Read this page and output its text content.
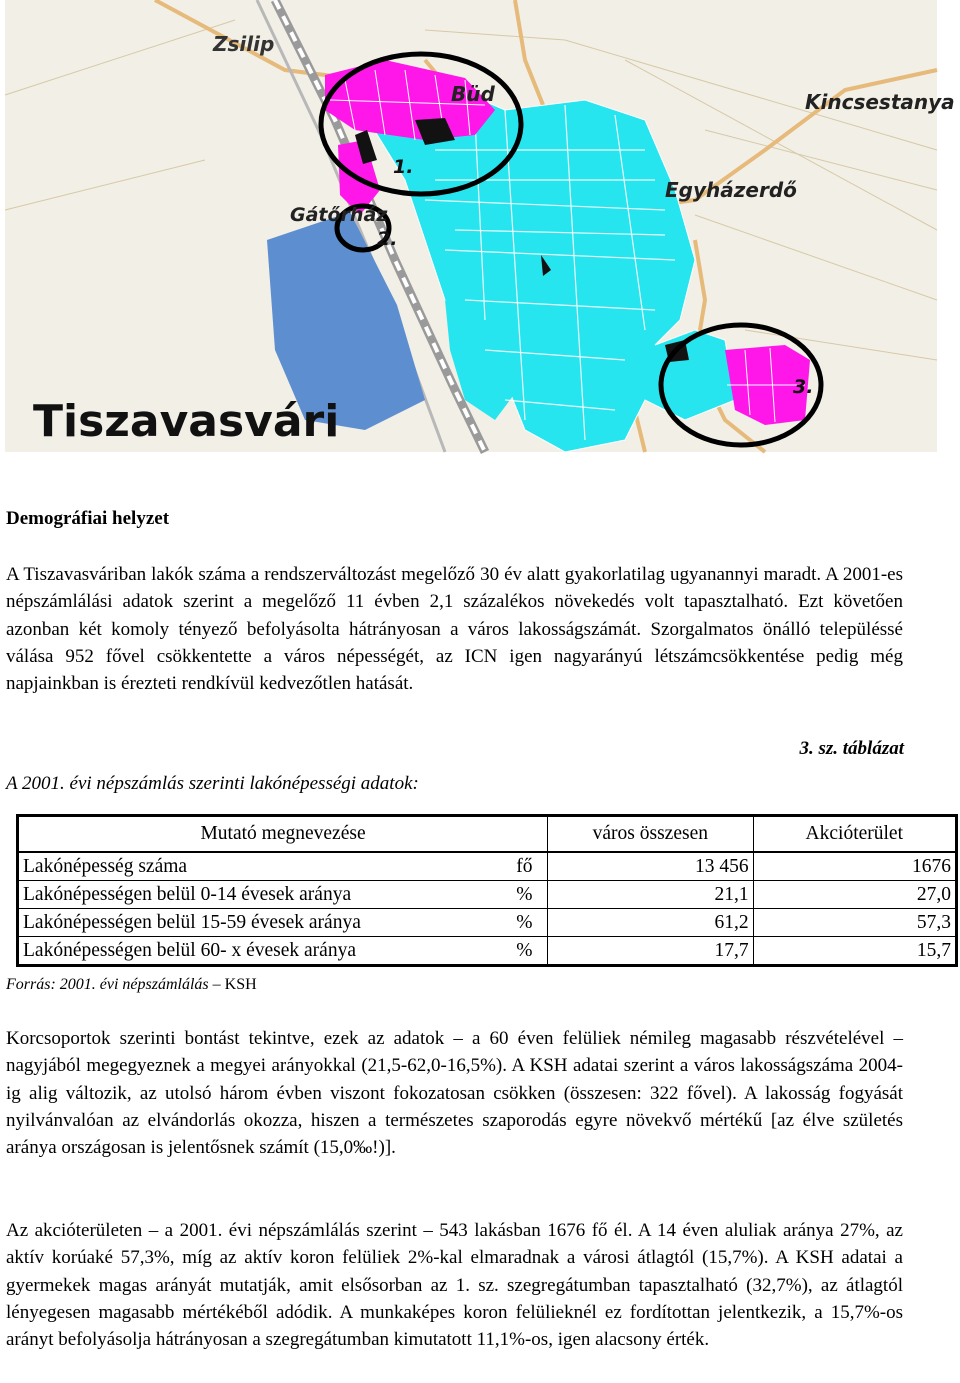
Zsilip
Büd	Kincsestanya
Egyházerdő
Gátőrház
1.
2.
3.
Tiszavasvári
Demográfiai helyzet

A Tiszavasváriban lakók száma a rendszerváltozást megelőző 30 év alatt gyakorlatilag ugyanannyi maradt. A 2001-es népszámlálási adatok szerint a megelőző 11 évben 2,1 százalékos növekedés volt tapasztalható. Ezt követően azonban két komoly tényező befolyásolta hátrányosan a város lakosságszámát. Szorgalmatos önálló településsé válása 952 fővel csökkentette a város népességét, az ICN igen nagyarányú létszámcsökkentése pedig még napjainkban is érezteti rendkívül kedvezőtlen hatását.

3. sz. táblázat
A 2001. évi népszámlás szerinti lakónépességi adatok:
Mutató megnevezése		város összesen	Akcióterület
Lakónépesség száma	fő	13 456	1676
Lakónépességen belül 0-14 évesek aránya	%	21,1	27,0
Lakónépességen belül 15-59 évesek aránya	%	61,2	57,3
Lakónépességen belül 60- x évesek aránya	%	17,7	15,7
Forrás: 2001. évi népszámlálás – KSH

Korcsoportok szerinti bontást tekintve, ezek az adatok – a 60 éven felüliek némileg magasabb részvételével – nagyjából megegyeznek a megyei arányokkal (21,5-62,0-16,5%). A KSH adatai szerint a város lakosságszáma 2004-ig alig változik, az utolsó három évben viszont fokozatosan csökken (összesen: 322 fővel). A lakosság fogyását nyilvánvalóan az elvándorlás okozza, hiszen a természetes szaporodás egyre növekvő mértékű [az élve születés aránya országosan is jelentősnek számít (15,0‰!)].

Az akcióterületen – a 2001. évi népszámlálás szerint – 543 lakásban 1676 fő él. A 14 éven aluliak aránya 27%, az aktív korúaké 57,3%, míg az aktív koron felüliek 2%-kal elmaradnak a városi átlagtól (15,7%). A KSH adatai a gyermekek magas arányát mutatják, amit elsősorban az 1. sz. szegregátumban tapasztalható (32,7%), az átlagtól lényegesen magasabb mértékéből adódik. A munkaképes koron felülieknél ez fordítottan jelentkezik, a 15,7%-os arányt befolyásolja hátrányosan a szegregátumban kimutatott 11,1%-os, igen alacsony érték.
